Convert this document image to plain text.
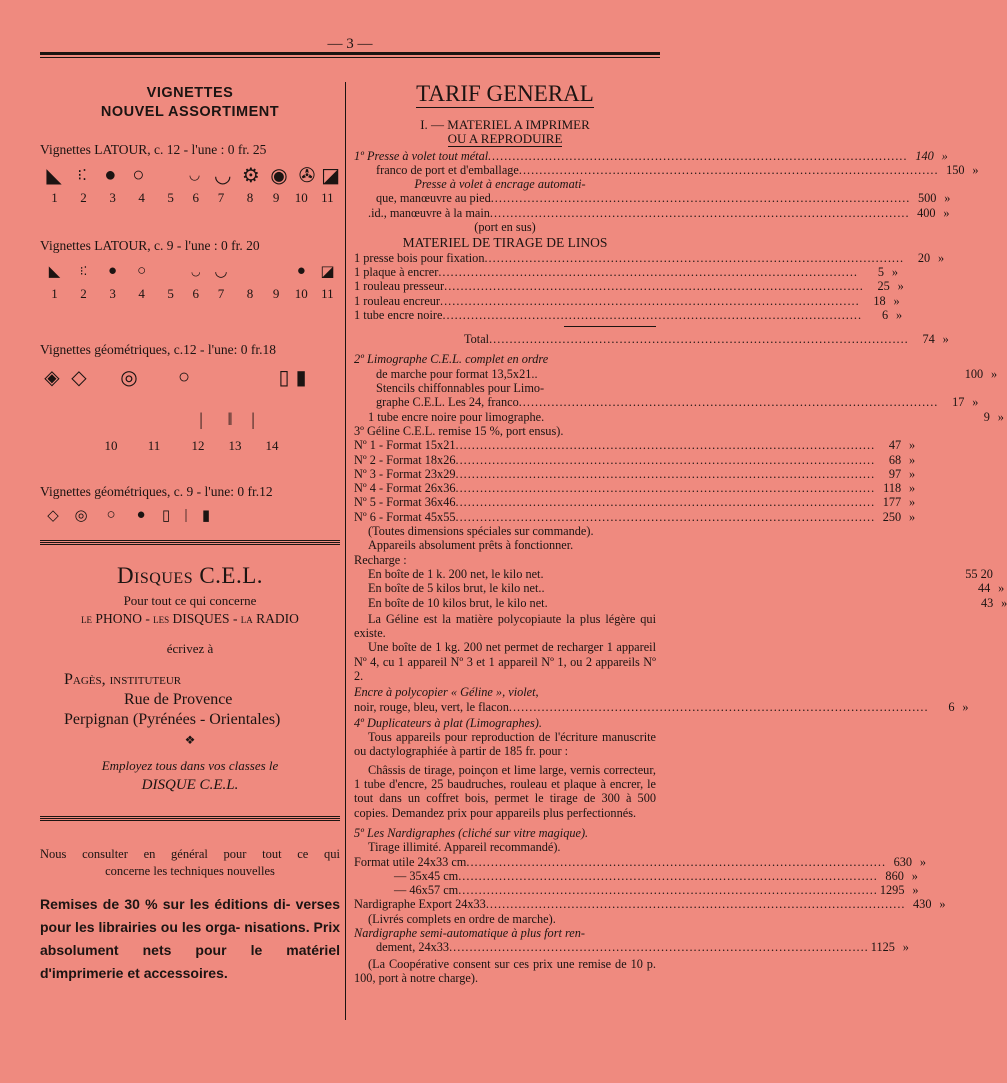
— 3 —
VIGNETTES
NOUVEL ASSORTIMENT
Vignettes LATOUR, c. 12 - l'une : 0 fr. 25
◣	⁝⁚ ● ○	◡ ◡ ⚙ ◉ ✇ ◪
1	2	3	4	5	6	7	8	9	10	11
Vignettes LATOUR, c. 9 - l'une : 0 fr. 20
◣	⁝⁚	●	○	◡ ◡	● ◪
1	2	3	4	5	6	7	8	9	10	11
Vignettes géométriques, c.12 - l'une: 0 fr.18
◈ ◇	◎	○	▯ ▮
|	‖	|
10	11	12	13	14
Vignettes géométriques, c. 9 - l'une: 0 fr.12
◇	◎	○	●	▯ | ▮
Disques C.E.L.
Pour tout ce qui concerne
le PHONO - les DISQUES - la RADIO
écrivez à
Pagès, instituteur
Rue de Provence
Perpignan (Pyrénées - Orientales)
❖
Employez tous dans vos classes le
DISQUE C.E.L.
Nous consulter en général pour tout ce qui
concerne les techniques nouvelles
Remises de 30 % sur les éditions di- verses pour les librairies ou les orga- nisations. Prix absolument nets pour le matériel d'imprimerie et accessoires.
TARIF GENERAL
I. — MATERIEL A IMPRIMER
OU A REPRODUIRE
1º Presse à volet tout métal .....	140 »
franco de port et d'emballage .....	150 »
Presse à volet à encrage automati-
que, manœuvre au pied .....	500 »
.id., manœuvre à la main .....	400 »
(port en sus)
MATERIEL DE TIRAGE DE LINOS
1 presse bois pour fixation .....	20 »
1 plaque à encrer .....	5 »
1 rouleau presseur .....	25 »
1 rouleau encreur .....	18 »
1 tube encre noire .....	6 »
Total .....	74 »
2º Limographe C.E.L. complet en ordre
de marche pour format 13,5x21..	100 »
Stencils chiffonnables pour Limo-
graphe C.E.L. Les 24, franco .....	17 »
1 tube encre noire pour limographe.	9 »
3º Géline C.E.L. remise 15 %, port ensus).
Nº 1 - Format 15x21 .....	47 »
Nº 2 - Format 18x26 .....	68 »
Nº 3 - Format 23x29 .....	97 »
Nº 4 - Format 26x36 .....	118 »
Nº 5 - Format 36x46 .....	177 »
Nº 6 - Format 45x55 .....	250 »
(Toutes dimensions spéciales sur commande).
Appareils absolument prêts à fonctionner.
Recharge :
En boîte de 1 k. 200 net, le kilo net.	55 20
En boîte de 5 kilos brut, le kilo net..	44 »
En boîte de 10 kilos brut, le kilo net.	43 »
La Géline est la matière polycopiaute la plus légère qui existe.
Une boîte de 1 kg. 200 net permet de recharger 1 appareil Nº 4, cu 1 appareil Nº 3 et 1 appareil Nº 1, ou 2 appareils Nº 2.
Encre à polycopier « Géline », violet,
noir, rouge, bleu, vert, le flacon .....	6 »
4º Duplicateurs à plat (Limographes).
Tous appareils pour reproduction de l'écriture manuscrite ou dactylographiée à partir de 185 fr. pour :
Châssis de tirage, poinçon et lime large, vernis correcteur, 1 tube d'encre, 25 baudruches, rouleau et plaque à encrer, le tout dans un coffret bois, permet le tirage de 300 à 500 copies. Demandez prix pour appareils plus perfectionnés.
5º Les Nardigraphes (cliché sur vitre magique).
Tirage illimité. Appareil recommandé).
Format utile 24x33 cm .....	630 »
— 35x45 cm .....	860 »
— 46x57 cm .....	1295 »
Nardigraphe Export 24x33 .....	430 »
(Livrés complets en ordre de marche).
Nardigraphe semi-automatique à plus fort ren-
dement, 24x33 .....	1125 »
(La Coopérative consent sur ces prix une remise de 10 p. 100, port à notre charge).
